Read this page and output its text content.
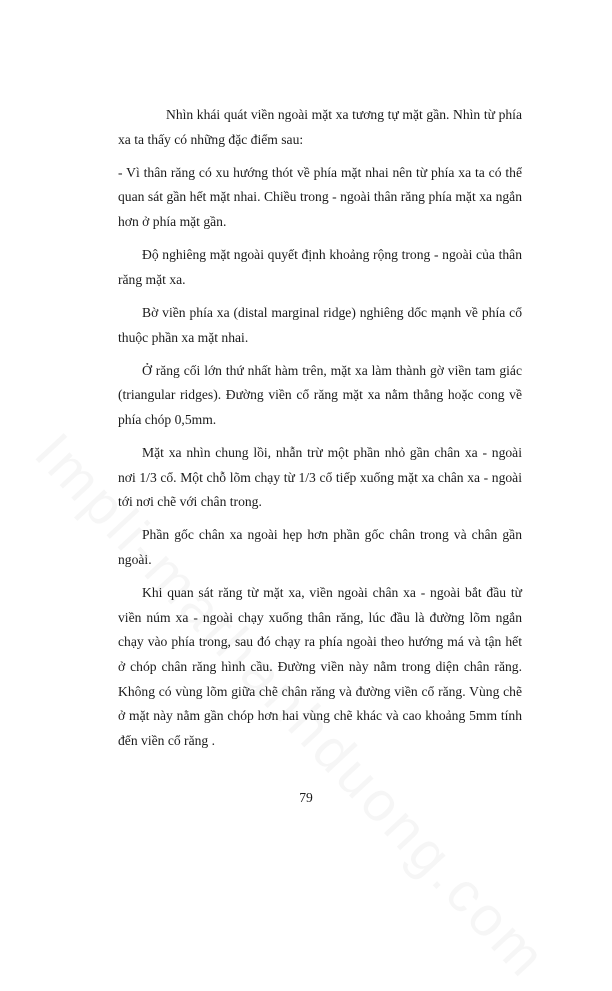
Nhìn khái quát viền ngoài mặt xa tương tự mặt gần. Nhìn từ phía xa ta thấy có những đặc điểm sau:

- Vì thân răng có xu hướng thót về phía mặt nhai nên từ phía xa ta có thể quan sát gần hết mặt nhai. Chiều trong - ngoài thân răng phía mặt xa ngắn hơn ở phía mặt gần.

Độ nghiêng mặt ngoài quyết định khoảng rộng trong - ngoài của thân răng mặt xa.

Bờ viền phía xa (distal marginal ridge) nghiêng dốc mạnh về phía cổ thuộc phần xa mặt nhai.

Ở răng cối lớn thứ nhất hàm trên, mặt xa làm thành gờ viền tam giác (triangular ridges). Đường viền cổ răng mặt xa nằm thẳng hoặc cong về phía chóp 0,5mm.

Mặt xa nhìn chung lồi, nhẫn trừ một phần nhỏ gần chân xa - ngoài nơi 1/3 cổ. Một chỗ lõm chạy từ 1/3 cổ tiếp xuống mặt xa chân xa - ngoài tới nơi chẽ với chân trong.

Phần gốc chân xa ngoài hẹp hơn phần gốc chân trong và chân gần ngoài.

Khi quan sát răng từ mặt xa, viền ngoài chân xa - ngoài bắt đầu từ viền núm xa - ngoài chạy xuống thân răng, lúc đầu là đường lõm ngắn chạy vào phía trong, sau đó chạy ra phía ngoài theo hướng má và tận hết ở chóp chân răng hình cầu. Đường viền này nằm trong diện chân răng. Không có vùng lõm giữa chẽ chân răng và đường viền cổ răng. Vùng chẽ ở mặt này nằm gần chóp hơn hai vùng chẽ khác và cao khoảng 5mm tính đến viền cổ răng .

79
